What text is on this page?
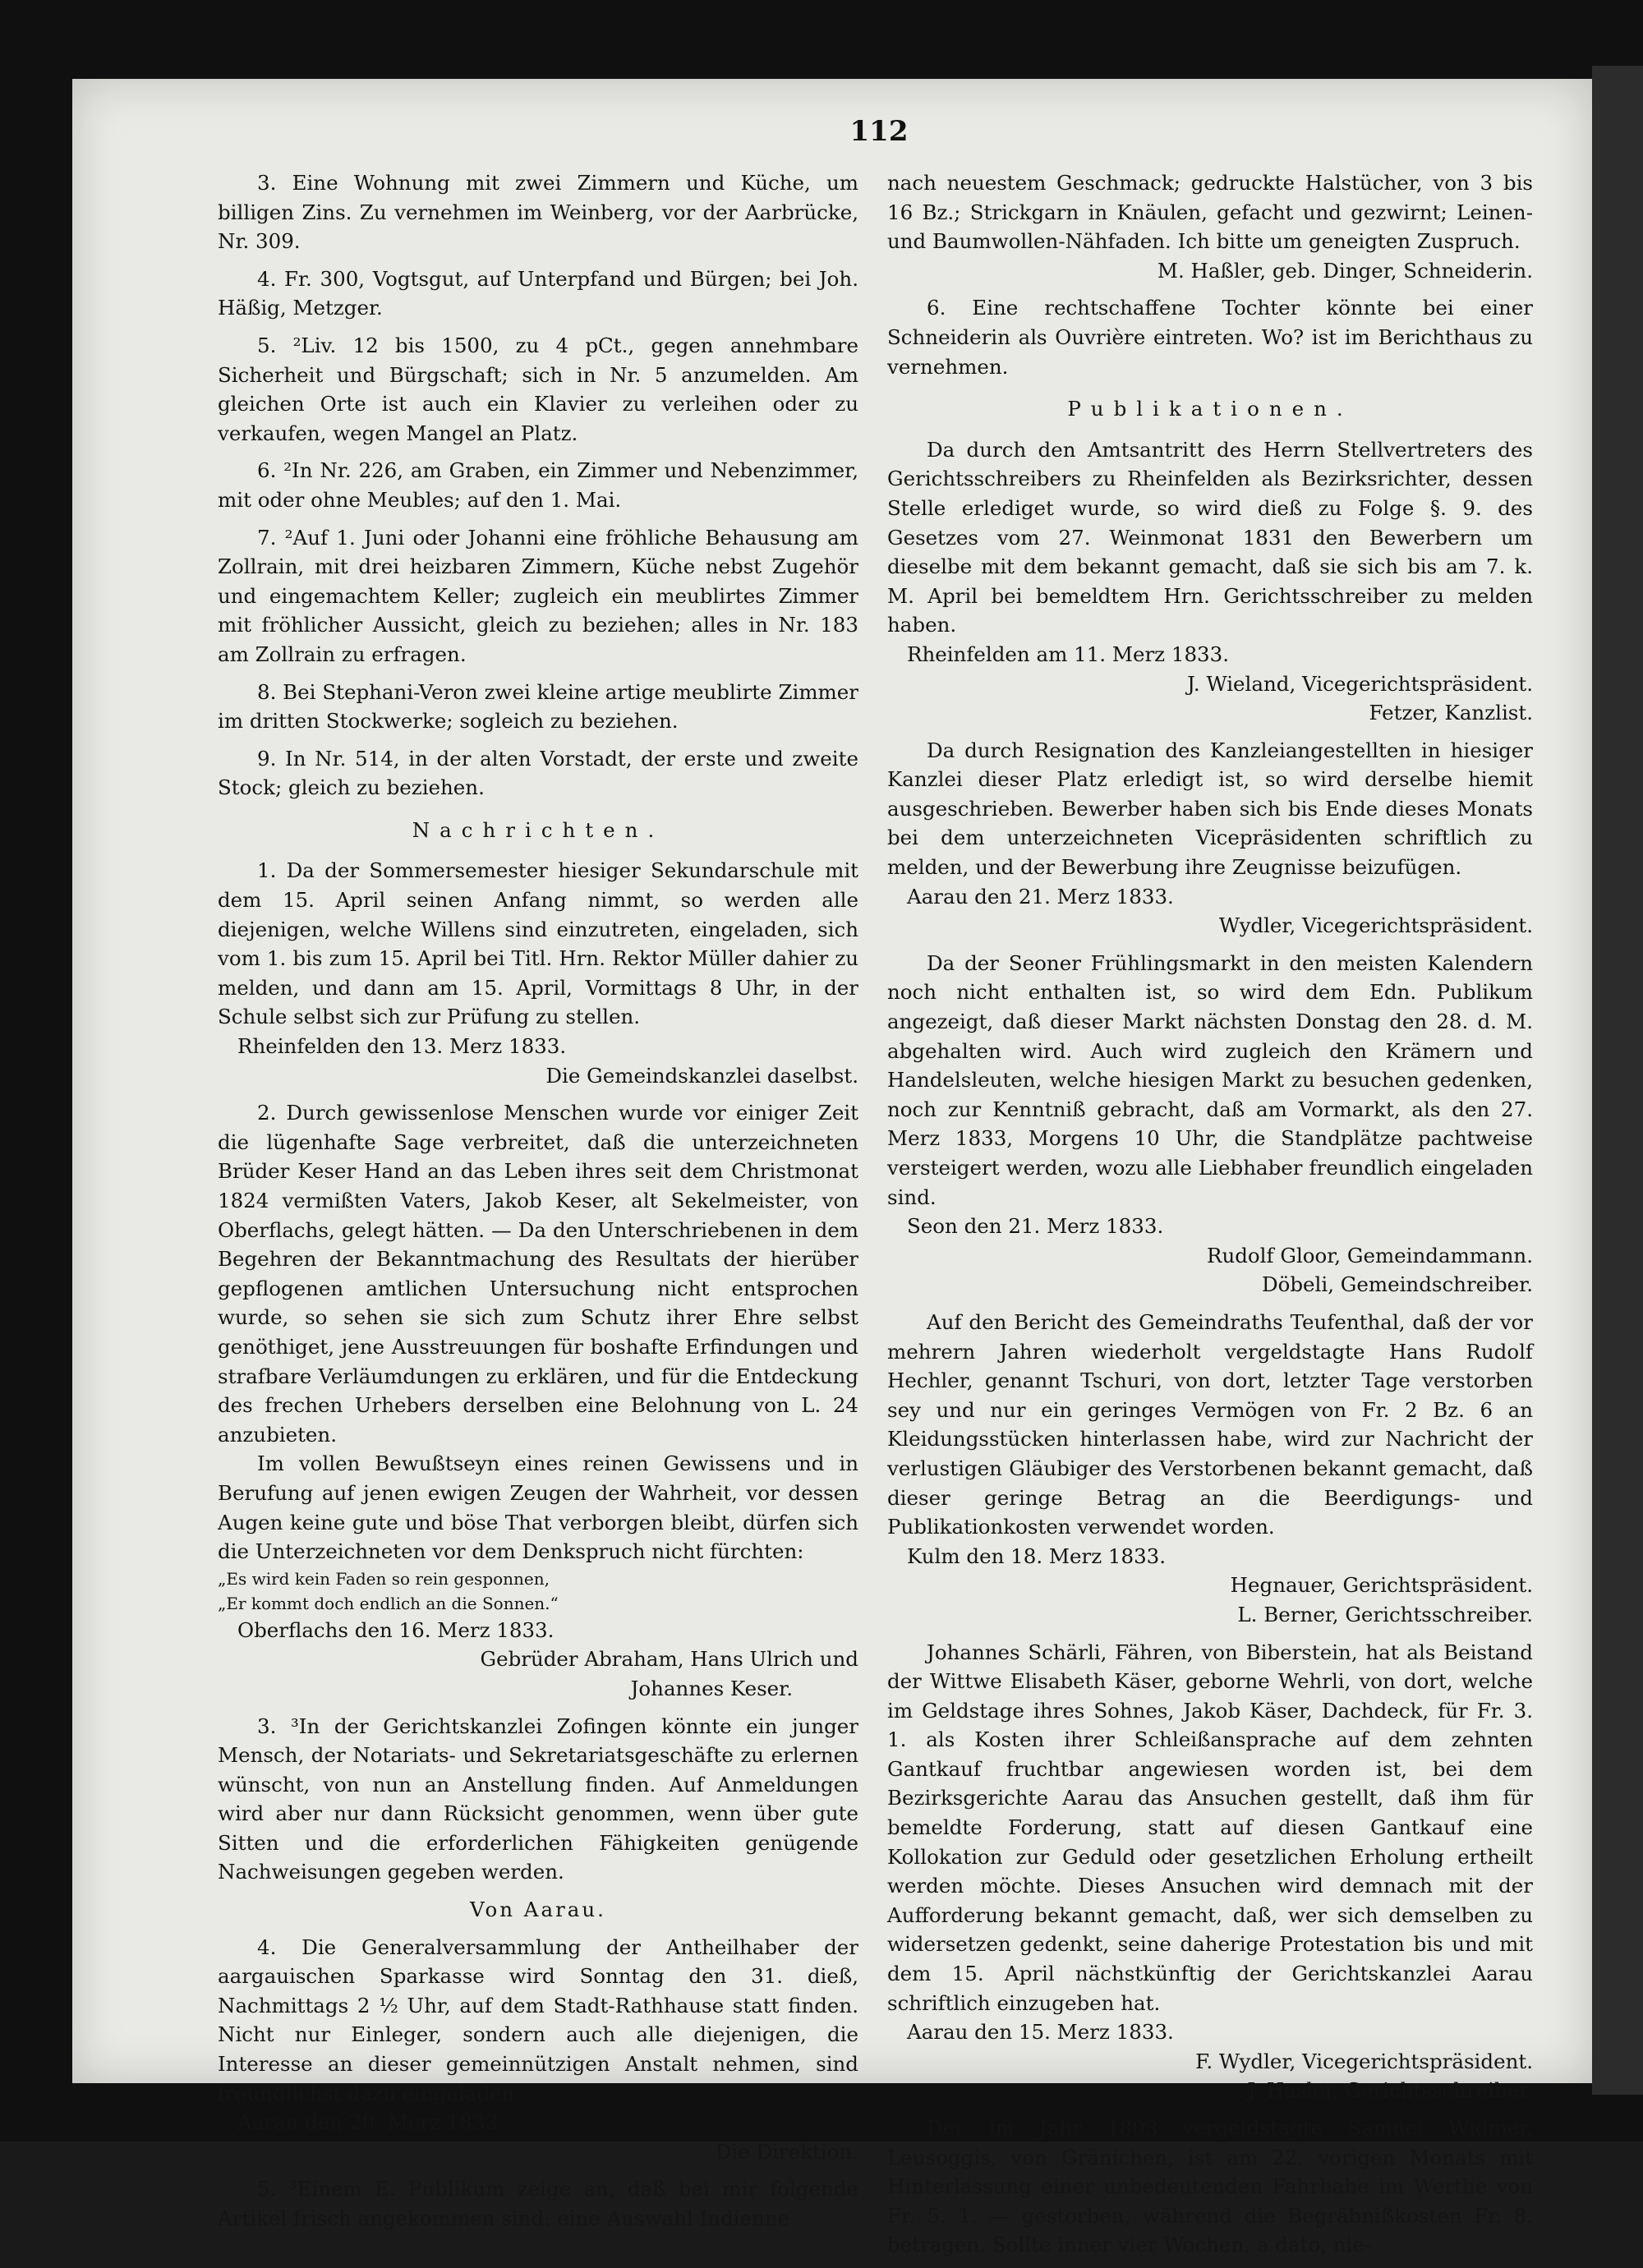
112

3. Eine Wohnung mit zwei Zimmern und Küche, um billigen Zins. Zu vernehmen im Weinberg, vor der Aarbrücke, Nr. 309.

4. Fr. 300, Vogtsgut, auf Unterpfand und Bürgen; bei Joh. Häßig, Metzger.

5. ²Liv. 12 bis 1500, zu 4 pCt., gegen annehmbare Sicherheit und Bürgschaft; sich in Nr. 5 anzumelden. Am gleichen Orte ist auch ein Klavier zu verleihen oder zu verkaufen, wegen Mangel an Platz.

6. ²In Nr. 226, am Graben, ein Zimmer und Nebenzimmer, mit oder ohne Meubles; auf den 1. Mai.

7. ²Auf 1. Juni oder Johanni eine fröhliche Behausung am Zollrain, mit drei heizbaren Zimmern, Küche nebst Zugehör und eingemachtem Keller; zugleich ein meublirtes Zimmer mit fröhlicher Aussicht, gleich zu beziehen; alles in Nr. 183 am Zollrain zu erfragen.

8. Bei Stephani-Veron zwei kleine artige meublirte Zimmer im dritten Stockwerke; sogleich zu beziehen.

9. In Nr. 514, in der alten Vorstadt, der erste und zweite Stock; gleich zu beziehen.

Nachrichten.

1. Da der Sommersemester hiesiger Sekundarschule mit dem 15. April seinen Anfang nimmt, so werden alle diejenigen, welche Willens sind einzutreten, eingeladen, sich vom 1. bis zum 15. April bei Titl. Hrn. Rektor Müller dahier zu melden, und dann am 15. April, Vormittags 8 Uhr, in der Schule selbst sich zur Prüfung zu stellen.

Rheinfelden den 13. Merz 1833.

Die Gemeindskanzlei daselbst.

2. Durch gewissenlose Menschen wurde vor einiger Zeit die lügenhafte Sage verbreitet, daß die unterzeichneten Brüder Keser Hand an das Leben ihres seit dem Christmonat 1824 vermißten Vaters, Jakob Keser, alt Sekelmeister, von Oberflachs, gelegt hätten. — Da den Unterschriebenen in dem Begehren der Bekanntmachung des Resultats der hierüber gepflogenen amtlichen Untersuchung nicht entsprochen wurde, so sehen sie sich zum Schutz ihrer Ehre selbst genöthiget, jene Ausstreuungen für boshafte Erfindungen und strafbare Verläumdungen zu erklären, und für die Entdeckung des frechen Urhebers derselben eine Belohnung von L. 24 anzubieten.

Im vollen Bewußtseyn eines reinen Gewissens und in Berufung auf jenen ewigen Zeugen der Wahrheit, vor dessen Augen keine gute und böse That verborgen bleibt, dürfen sich die Unterzeichneten vor dem Denkspruch nicht fürchten:

„Es wird kein Faden so rein gesponnen,

„Er kommt doch endlich an die Sonnen.“

Oberflachs den 16. Merz 1833.

Gebrüder Abraham, Hans Ulrich und

Johannes Keser.

3. ³In der Gerichtskanzlei Zofingen könnte ein junger Mensch, der Notariats- und Sekretariatsgeschäfte zu erlernen wünscht, von nun an Anstellung finden. Auf Anmeldungen wird aber nur dann Rücksicht genommen, wenn über gute Sitten und die erforderlichen Fähigkeiten genügende Nachweisungen gegeben werden.

Von Aarau.

4. Die Generalversammlung der Antheilhaber der aargauischen Sparkasse wird Sonntag den 31. dieß, Nachmittags 2 ½ Uhr, auf dem Stadt-Rathhause statt finden. Nicht nur Einleger, sondern auch alle diejenigen, die Interesse an dieser gemeinnützigen Anstalt nehmen, sind freundlichst dazu eingeladen.

Aarau den 20. Merz 1833.

Die Direktion.

5. ³Einem E. Publikum zeige an, daß bei mir folgende Artikel frisch angekommen sind: eine Auswahl Indienne

nach neuestem Geschmack; gedruckte Halstücher, von 3 bis 16 Bz.; Strickgarn in Knäulen, gefacht und gezwirnt; Leinen- und Baumwollen-Nähfaden. Ich bitte um geneigten Zuspruch.

M. Haßler, geb. Dinger, Schneiderin.

6. Eine rechtschaffene Tochter könnte bei einer Schneiderin als Ouvrière eintreten. Wo? ist im Berichthaus zu vernehmen.

Publikationen.

Da durch den Amtsantritt des Herrn Stellvertreters des Gerichtsschreibers zu Rheinfelden als Bezirksrichter, dessen Stelle erlediget wurde, so wird dieß zu Folge §. 9. des Gesetzes vom 27. Weinmonat 1831 den Bewerbern um dieselbe mit dem bekannt gemacht, daß sie sich bis am 7. k. M. April bei bemeldtem Hrn. Gerichtsschreiber zu melden haben.

Rheinfelden am 11. Merz 1833.

J. Wieland, Vicegerichtspräsident.

Fetzer, Kanzlist.

Da durch Resignation des Kanzleiangestellten in hiesiger Kanzlei dieser Platz erledigt ist, so wird derselbe hiemit ausgeschrieben. Bewerber haben sich bis Ende dieses Monats bei dem unterzeichneten Vicepräsidenten schriftlich zu melden, und der Bewerbung ihre Zeugnisse beizufügen.

Aarau den 21. Merz 1833.

Wydler, Vicegerichtspräsident.

Da der Seoner Frühlingsmarkt in den meisten Kalendern noch nicht enthalten ist, so wird dem Edn. Publikum angezeigt, daß dieser Markt nächsten Donstag den 28. d. M. abgehalten wird. Auch wird zugleich den Krämern und Handelsleuten, welche hiesigen Markt zu besuchen gedenken, noch zur Kenntniß gebracht, daß am Vormarkt, als den 27. Merz 1833, Morgens 10 Uhr, die Standplätze pachtweise versteigert werden, wozu alle Liebhaber freundlich eingeladen sind.

Seon den 21. Merz 1833.

Rudolf Gloor, Gemeindammann.

Döbeli, Gemeindschreiber.

Auf den Bericht des Gemeindraths Teufenthal, daß der vor mehrern Jahren wiederholt vergeldstagte Hans Rudolf Hechler, genannt Tschuri, von dort, letzter Tage verstorben sey und nur ein geringes Vermögen von Fr. 2 Bz. 6 an Kleidungsstücken hinterlassen habe, wird zur Nachricht der verlustigen Gläubiger des Verstorbenen bekannt gemacht, daß dieser geringe Betrag an die Beerdigungs- und Publikationkosten verwendet worden.

Kulm den 18. Merz 1833.

Hegnauer, Gerichtspräsident.

L. Berner, Gerichtsschreiber.

Johannes Schärli, Fähren, von Biberstein, hat als Beistand der Wittwe Elisabeth Käser, geborne Wehrli, von dort, welche im Geldstage ihres Sohnes, Jakob Käser, Dachdeck, für Fr. 3. 1. als Kosten ihrer Schleißansprache auf dem zehnten Gantkauf fruchtbar angewiesen worden ist, bei dem Bezirksgerichte Aarau das Ansuchen gestellt, daß ihm für bemeldte Forderung, statt auf diesen Gantkauf eine Kollokation zur Geduld oder gesetzlichen Erholung ertheilt werden möchte. Dieses Ansuchen wird demnach mit der Aufforderung bekannt gemacht, daß, wer sich demselben zu widersetzen gedenkt, seine daherige Protestation bis und mit dem 15. April nächstkünftig der Gerichtskanzlei Aarau schriftlich einzugeben hat.

Aarau den 15. Merz 1833.

F. Wydler, Vicegerichtspräsident.

J. Hasler, Gerichtsschreiber.

Der im Jahr 1803 vergeldstagte Samuel Widmer, Leusoggis, von Gränichen, ist am 22. vorigen Monats mit Hinterlassung einer unbedeutenden Fahrhabe im Werthe von Fr. 5. 1. — gestorben, während die Begräbnißkosten Fr. 8. betragen. Sollte inner vier Wochen, a dato, nie-
